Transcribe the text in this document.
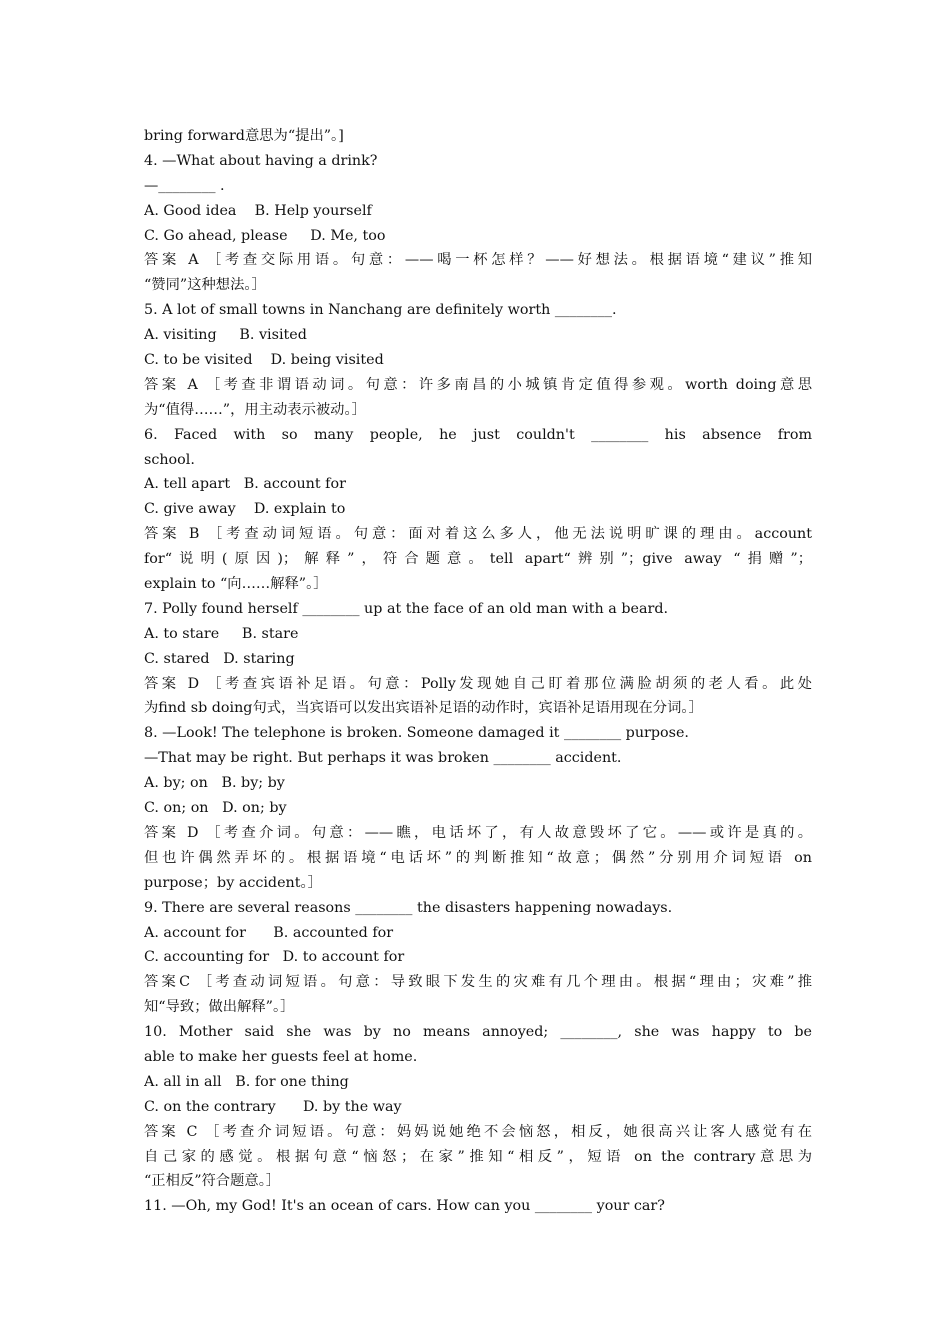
bring forward意思为“提出”。]
4. —What about having a drink?
—________ .
A. Good idea    B. Help yourself
C. Go ahead, please     D. Me, too
答案 A ［考查交际用语。句意：——喝一杯怎样？——好想法。根据语境“建议”推知
“赞同”这种想法。］
5. A lot of small towns in Nanchang are definitely worth ________.
A. visiting     B. visited
C. to be visited    D. being visited
答案 A ［考查非谓语动词。句意：许多南昌的小城镇肯定值得参观。worth doing意思
为“值得……”，用主动表示被动。］
6. Faced with so many people, he just couldn't ________ his absence from
school.
A. tell apart   B. account for
C. give away    D. explain to
答案 B ［考查动词短语。句意：面对着这么多人，他无法说明旷课的理由。account
for“说明(原因)；解释”，符合题意。tell apart“辨别”；give away “捐赠”；
explain to “向……解释”。］
7. Polly found herself ________ up at the face of an old man with a beard.
A. to stare     B. stare
C. stared   D. staring
答案 D ［考查宾语补足语。句意：Polly发现她自己盯着那位满脸胡须的老人看。此处
为find sb doing句式，当宾语可以发出宾语补足语的动作时，宾语补足语用现在分词。］
8. —Look! The telephone is broken. Someone damaged it ________ purpose.
—That may be right. But perhaps it was broken ________ accident.
A. by; on   B. by; by
C. on; on   D. on; by
答案 D ［考查介词。句意：——瞧，电话坏了，有人故意毁坏了它。——或许是真的。
但也许偶然弄坏的。根据语境“电话坏”的判断推知“故意；偶然”分别用介词短语 on
purpose；by accident。］
9. There are several reasons ________ the disasters happening nowadays.
A. account for      B. accounted for
C. accounting for   D. to account for
答案C ［考查动词短语。句意：导致眼下发生的灾难有几个理由。根据“理由；灾难”推
知“导致；做出解释”。］
10. Mother said she was by no means annoyed; ________, she was happy to be
able to make her guests feel at home.
A. all in all   B. for one thing
C. on the contrary      D. by the way
答案 C ［考查介词短语。句意：妈妈说她绝不会恼怒，相反，她很高兴让客人感觉有在
自己家的感觉。根据句意“恼怒；在家”推知“相反”，短语 on the contrary意思为
“正相反”符合题意。］
11. —Oh, my God! It's an ocean of cars. How can you ________ your car?
